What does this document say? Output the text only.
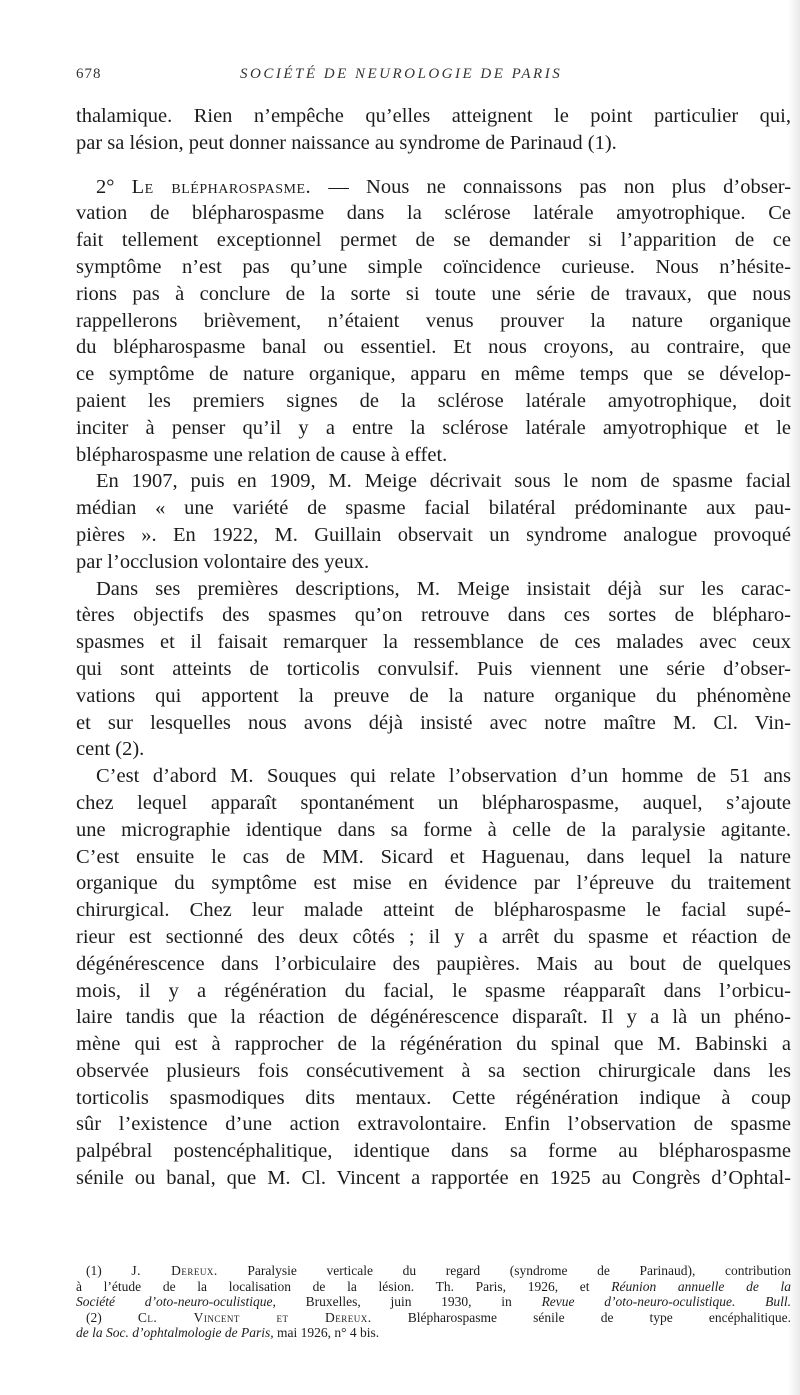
678	SOCIÉTÉ DE NEUROLOGIE DE PARIS
thalamique. Rien n’empêche qu’elles atteignent le point particulier qui,
par sa lésion, peut donner naissance au syndrome de Parinaud (1).
2° Le blépharospasme. — Nous ne connaissons pas non plus d’obser-
vation de blépharospasme dans la sclérose latérale amyotrophique. Ce
fait tellement exceptionnel permet de se demander si l’apparition de ce
symptôme n’est pas qu’une simple coïncidence curieuse. Nous n’hésite-
rions pas à conclure de la sorte si toute une série de travaux, que nous
rappellerons brièvement, n’étaient venus prouver la nature organique
du blépharospasme banal ou essentiel. Et nous croyons, au contraire, que
ce symptôme de nature organique, apparu en même temps que se dévelop-
paient les premiers signes de la sclérose latérale amyotrophique, doit
inciter à penser qu’il y a entre la sclérose latérale amyotrophique et le
blépharospasme une relation de cause à effet.
En 1907, puis en 1909, M. Meige décrivait sous le nom de spasme facial
médian « une variété de spasme facial bilatéral prédominante aux pau-
pières ». En 1922, M. Guillain observait un syndrome analogue provoqué
par l’occlusion volontaire des yeux.
Dans ses premières descriptions, M. Meige insistait déjà sur les carac-
tères objectifs des spasmes qu’on retrouve dans ces sortes de blépharo-
spasmes et il faisait remarquer la ressemblance de ces malades avec ceux
qui sont atteints de torticolis convulsif. Puis viennent une série d’obser-
vations qui apportent la preuve de la nature organique du phénomène
et sur lesquelles nous avons déjà insisté avec notre maître M. Cl. Vin-
cent (2).
C’est d’abord M. Souques qui relate l’observation d’un homme de 51 ans
chez lequel apparaît spontanément un blépharospasme, auquel, s’ajoute
une micrographie identique dans sa forme à celle de la paralysie agitante.
C’est ensuite le cas de MM. Sicard et Haguenau, dans lequel la nature
organique du symptôme est mise en évidence par l’épreuve du traitement
chirurgical. Chez leur malade atteint de blépharospasme le facial supé-
rieur est sectionné des deux côtés ; il y a arrêt du spasme et réaction de
dégénérescence dans l’orbiculaire des paupières. Mais au bout de quelques
mois, il y a régénération du facial, le spasme réapparaît dans l’orbicu-
laire tandis que la réaction de dégénérescence disparaît. Il y a là un phéno-
mène qui est à rapprocher de la régénération du spinal que M. Babinski a
observée plusieurs fois consécutivement à sa section chirurgicale dans les
torticolis spasmodiques dits mentaux. Cette régénération indique à coup
sûr l’existence d’une action extravolontaire. Enfin l’observation de spasme
palpébral postencéphalitique, identique dans sa forme au blépharospasme
sénile ou banal, que M. Cl. Vincent a rapportée en 1925 au Congrès d’Ophtal-
(1) J. Dereux. Paralysie verticale du regard (syndrome de Parinaud), contribution
à l’étude de la localisation de la lésion. Th. Paris, 1926, et Réunion annuelle de la
Société d’oto-neuro-oculistique, Bruxelles, juin 1930, in Revue d’oto-neuro-oculistique. Bull.
(2)	Cl. Vincent et Dereux.	Blépharospasme sénile de type encéphalitique.
de la Soc. d’ophtalmologie de Paris, mai 1926, n° 4 bis.
